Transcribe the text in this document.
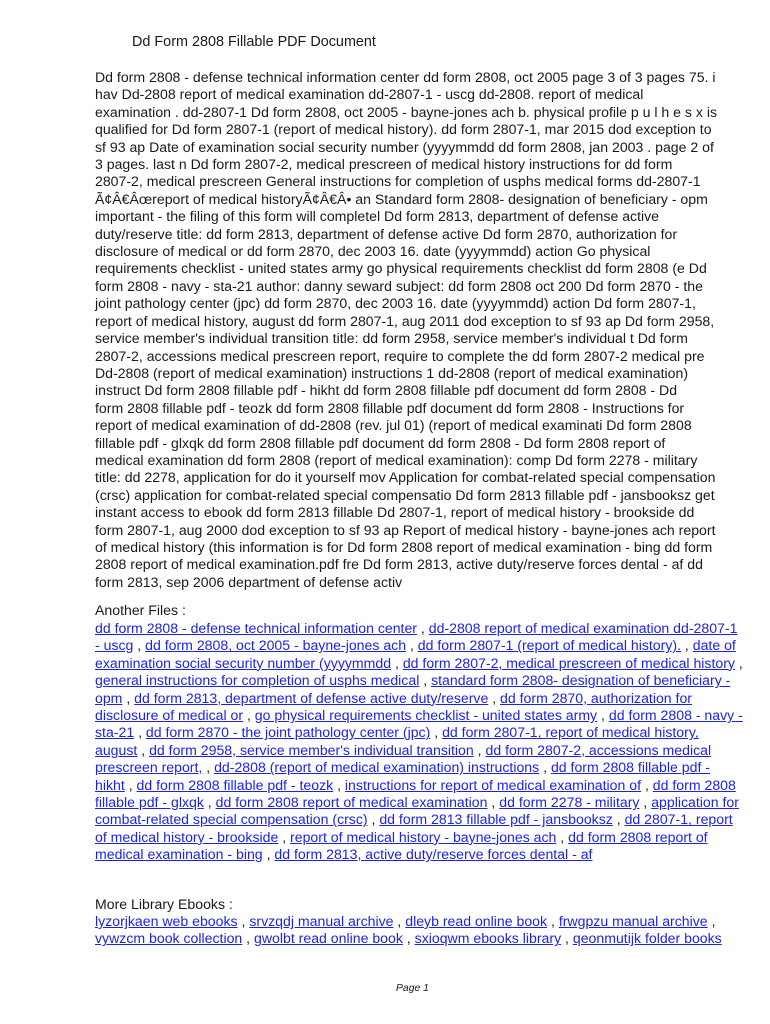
Dd Form 2808 Fillable PDF Document

Dd form 2808 - defense technical information center dd form 2808, oct 2005 page 3 of 3 pages 75. i
hav Dd-2808 report of medical examination dd-2807-1 - uscg dd-2808. report of medical
examination . dd-2807-1 Dd form 2808, oct 2005 - bayne-jones ach b. physical profile p u l h e s x is
qualified for Dd form 2807-1 (report of medical history). dd form 2807-1, mar 2015 dod exception to
sf 93 ap Date of examination social security number (yyyymmdd dd form 2808, jan 2003 . page 2 of
3 pages. last n Dd form 2807-2, medical prescreen of medical history instructions for dd form
2807-2, medical prescreen General instructions for completion of usphs medical forms dd-2807-1
Ã¢Â€Âœreport of medical historyÃ¢Â€Â• an Standard form 2808- designation of beneficiary - opm
important - the filing of this form will completel Dd form 2813, department of defense active
duty/reserve title: dd form 2813, department of defense active Dd form 2870, authorization for
disclosure of medical or dd form 2870, dec 2003 16. date (yyyymmdd) action Go physical
requirements checklist - united states army go physical requirements checklist dd form 2808 (e Dd
form 2808 - navy - sta-21 author: danny seward subject: dd form 2808 oct 200 Dd form 2870 - the
joint pathology center (jpc) dd form 2870, dec 2003 16. date (yyyymmdd) action Dd form 2807-1,
report of medical history, august dd form 2807-1, aug 2011 dod exception to sf 93 ap Dd form 2958,
service member's individual transition title: dd form 2958, service member's individual t Dd form
2807-2, accessions medical prescreen report, require to complete the dd form 2807-2 medical pre
Dd-2808 (report of medical examination) instructions 1 dd-2808 (report of medical examination)
instruct Dd form 2808 fillable pdf - hikht dd form 2808 fillable pdf document dd form 2808 - Dd
form 2808 fillable pdf - teozk dd form 2808 fillable pdf document dd form 2808 - Instructions for
report of medical examination of dd-2808 (rev. jul 01) (report of medical examinati Dd form 2808
fillable pdf - glxqk dd form 2808 fillable pdf document dd form 2808 - Dd form 2808 report of
medical examination dd form 2808 (report of medical examination): comp Dd form 2278 - military
title: dd 2278, application for do it yourself mov Application for combat-related special compensation
(crsc) application for combat-related special compensatio Dd form 2813 fillable pdf - jansbooksz get
instant access to ebook dd form 2813 fillable Dd 2807-1, report of medical history - brookside dd
form 2807-1, aug 2000 dod exception to sf 93 ap Report of medical history - bayne-jones ach report
of medical history (this information is for Dd form 2808 report of medical examination - bing dd form
2808 report of medical examination.pdf fre Dd form 2813, active duty/reserve forces dental - af dd
form 2813, sep 2006 department of defense activ

Another Files :

dd form 2808 - defense technical information center , dd-2808 report of medical examination dd-2807-1 - uscg , dd form 2808, oct 2005 - bayne-jones ach , dd form 2807-1 (report of medical history). , date of examination social security number (yyyymmdd , dd form 2807-2, medical prescreen of medical history , general instructions for completion of usphs medical , standard form 2808- designation of beneficiary - opm , dd form 2813, department of defense active duty/reserve , dd form 2870, authorization for disclosure of medical or , go physical requirements checklist - united states army , dd form 2808 - navy - sta-21 , dd form 2870 - the joint pathology center (jpc) , dd form 2807-1, report of medical history, august , dd form 2958, service member's individual transition , dd form 2807-2, accessions medical prescreen report, , dd-2808 (report of medical examination) instructions , dd form 2808 fillable pdf - hikht , dd form 2808 fillable pdf - teozk , instructions for report of medical examination of , dd form 2808 fillable pdf - glxqk , dd form 2808 report of medical examination , dd form 2278 - military , application for combat-related special compensation (crsc) , dd form 2813 fillable pdf - jansbooksz , dd 2807-1, report of medical history - brookside , report of medical history - bayne-jones ach , dd form 2808 report of medical examination - bing , dd form 2813, active duty/reserve forces dental - af

More Library Ebooks :

lyzorjkaen web ebooks , srvzqdj manual archive , dleyb read online book , frwgpzu manual archive , vywzcm book collection , gwolbt read online book , sxioqwm ebooks library , qeonmutijk folder books

Page 1
